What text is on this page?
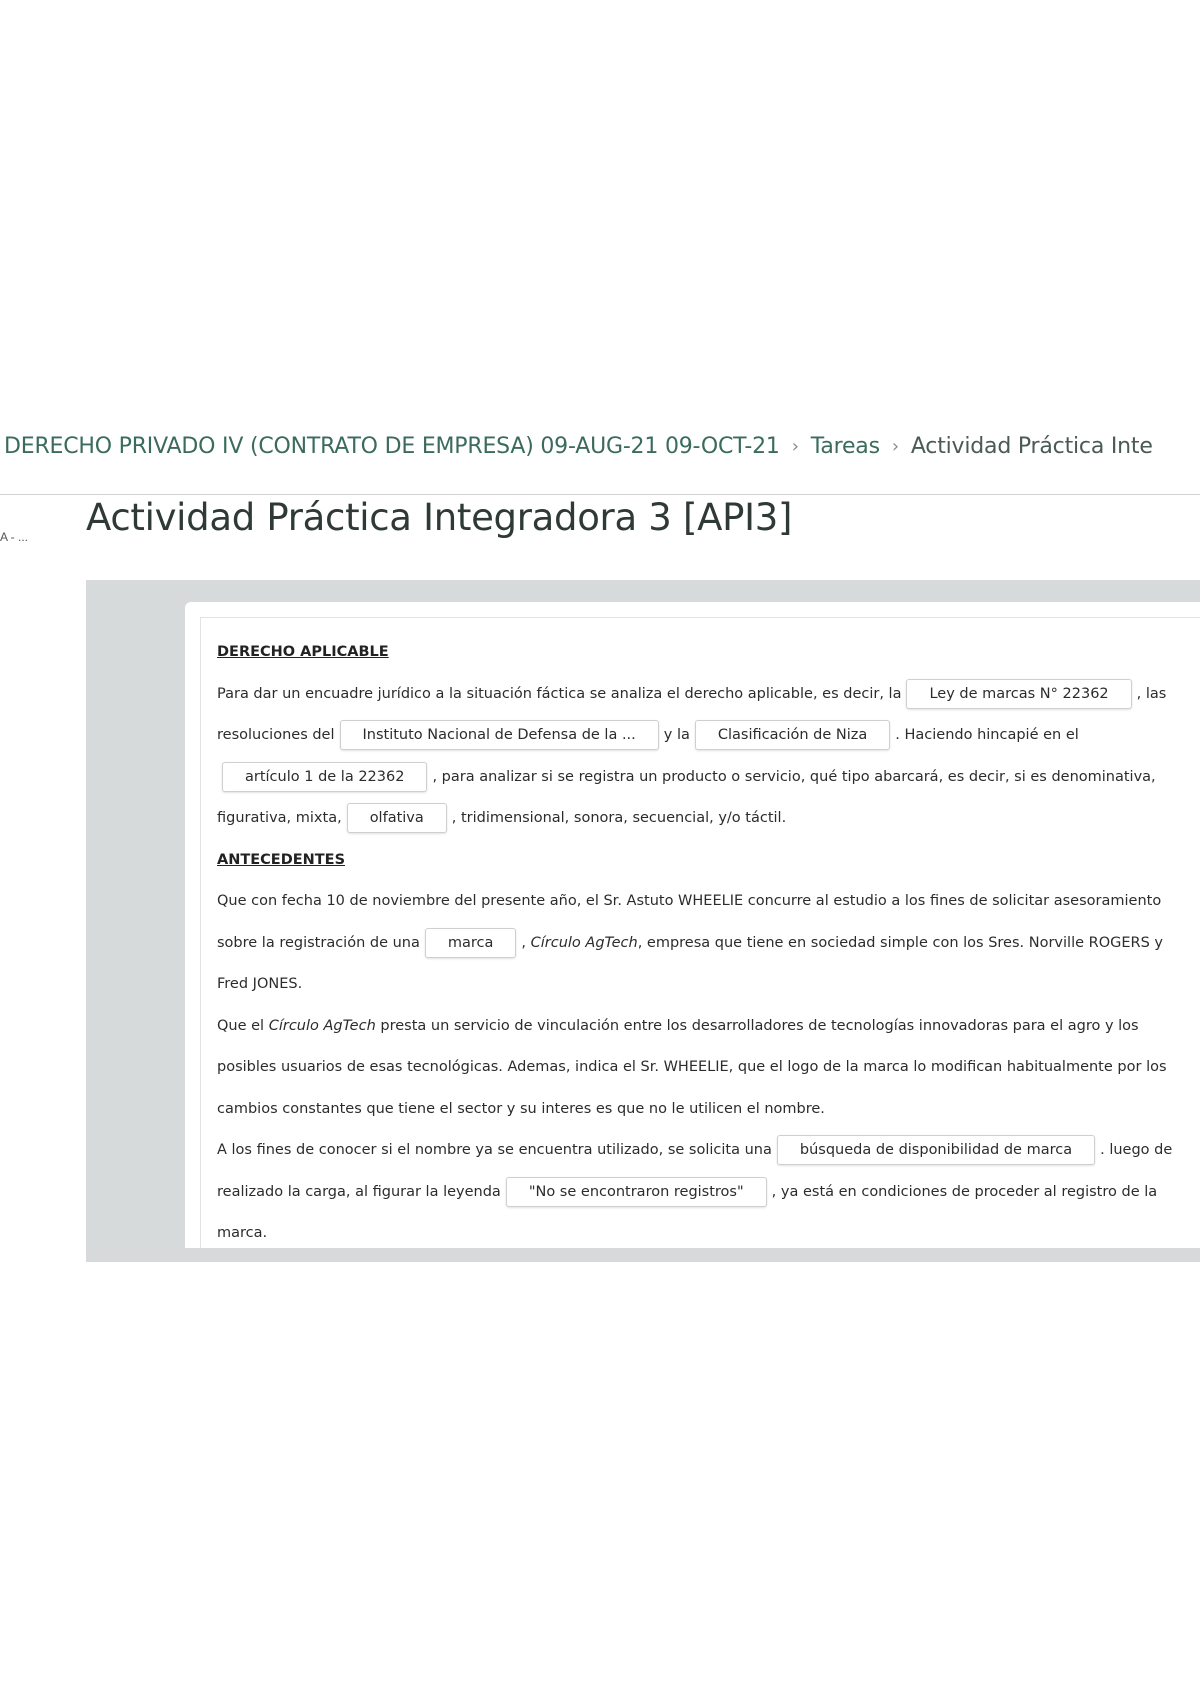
DERECHO PRIVADO IV (CONTRATO DE EMPRESA) 09-AUG-21 09-OCT-21 › Tareas › Actividad Práctica Inte
A - ... Actividad Práctica Integradora 3 [API3]

DERECHO APLICABLE

Para dar un encuadre jurídico a la situación fáctica se analiza el derecho aplicable, es decir, la Ley de marcas N° 22362 , las resoluciones del Instituto Nacional de Defensa de la ... y la Clasificación de Niza . Haciendo hincapié en el artículo 1 de la 22362 , para analizar si se registra un producto o servicio, qué tipo abarcará, es decir, si es denominativa, figurativa, mixta, olfativa , tridimensional, sonora, secuencial, y/o táctil.

ANTECEDENTES

Que con fecha 10 de noviembre del presente año, el Sr. Astuto WHEELIE concurre al estudio a los fines de solicitar asesoramiento sobre la registración de una marca , Círculo AgTech, empresa que tiene en sociedad simple con los Sres. Norville ROGERS y Fred JONES.

Que el Círculo AgTech presta un servicio de vinculación entre los desarrolladores de tecnologías innovadoras para el agro y los posibles usuarios de esas tecnológicas. Ademas, indica el Sr. WHEELIE, que el logo de la marca lo modifican habitualmente por los cambios constantes que tiene el sector y su interes es que no le utilicen el nombre.

A los fines de conocer si el nombre ya se encuentra utilizado, se solicita una búsqueda de disponibilidad de marca . luego de realizado la carga, al figurar la leyenda "No se encontraron registros" , ya está en condiciones de proceder al registro de la marca.
